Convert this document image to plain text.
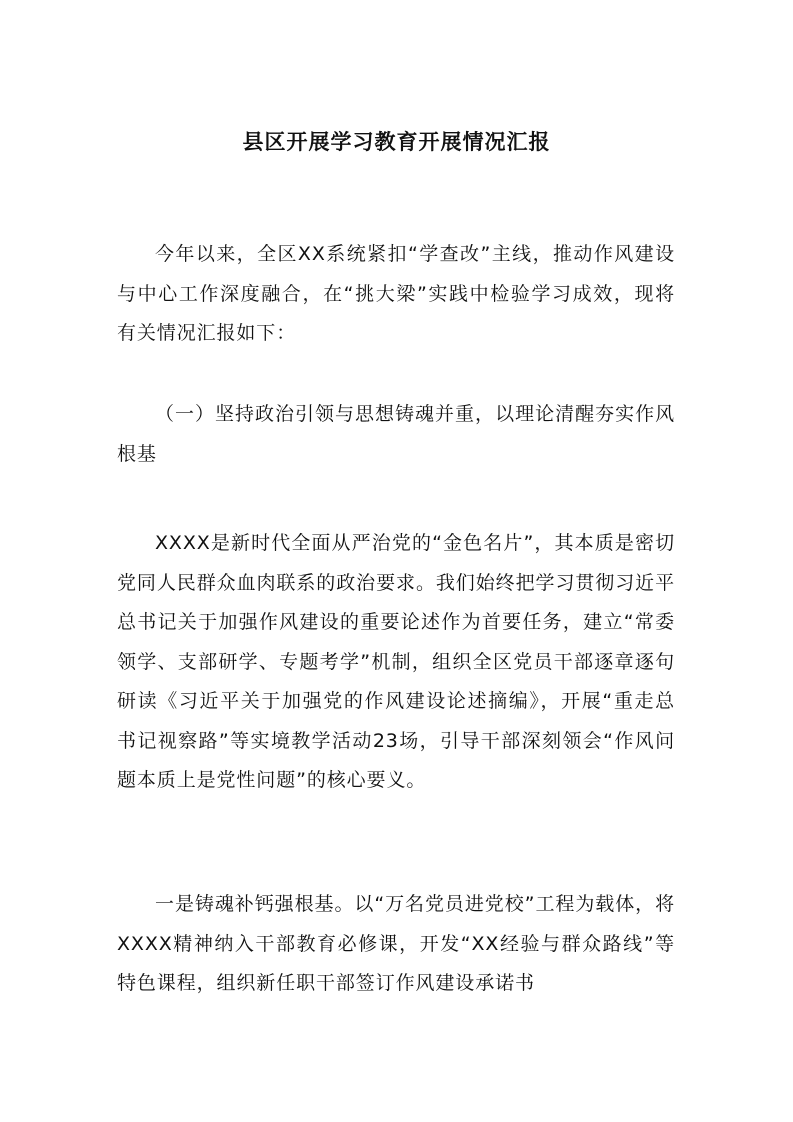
县区开展学习教育开展情况汇报

今年以来，全区XX系统紧扣“学查改”主线，推动作风建设与中心工作深度融合，在“挑大梁”实践中检验学习成效，现将有关情况汇报如下：

（一）坚持政治引领与思想铸魂并重，以理论清醒夯实作风根基

XXXX是新时代全面从严治党的“金色名片”，其本质是密切党同人民群众血肉联系的政治要求。我们始终把学习贯彻习近平总书记关于加强作风建设的重要论述作为首要任务，建立“常委领学、支部研学、专题考学”机制，组织全区党员干部逐章逐句研读《习近平关于加强党的作风建设论述摘编》，开展“重走总书记视察路”等实境教学活动23场，引导干部深刻领会“作风问题本质上是党性问题”的核心要义。

一是铸魂补钙强根基。以“万名党员进党校”工程为载体，将XXXX精神纳入干部教育必修课，开发“XX经验与群众路线”等特色课程，组织新任职干部签订作风建设承诺书
